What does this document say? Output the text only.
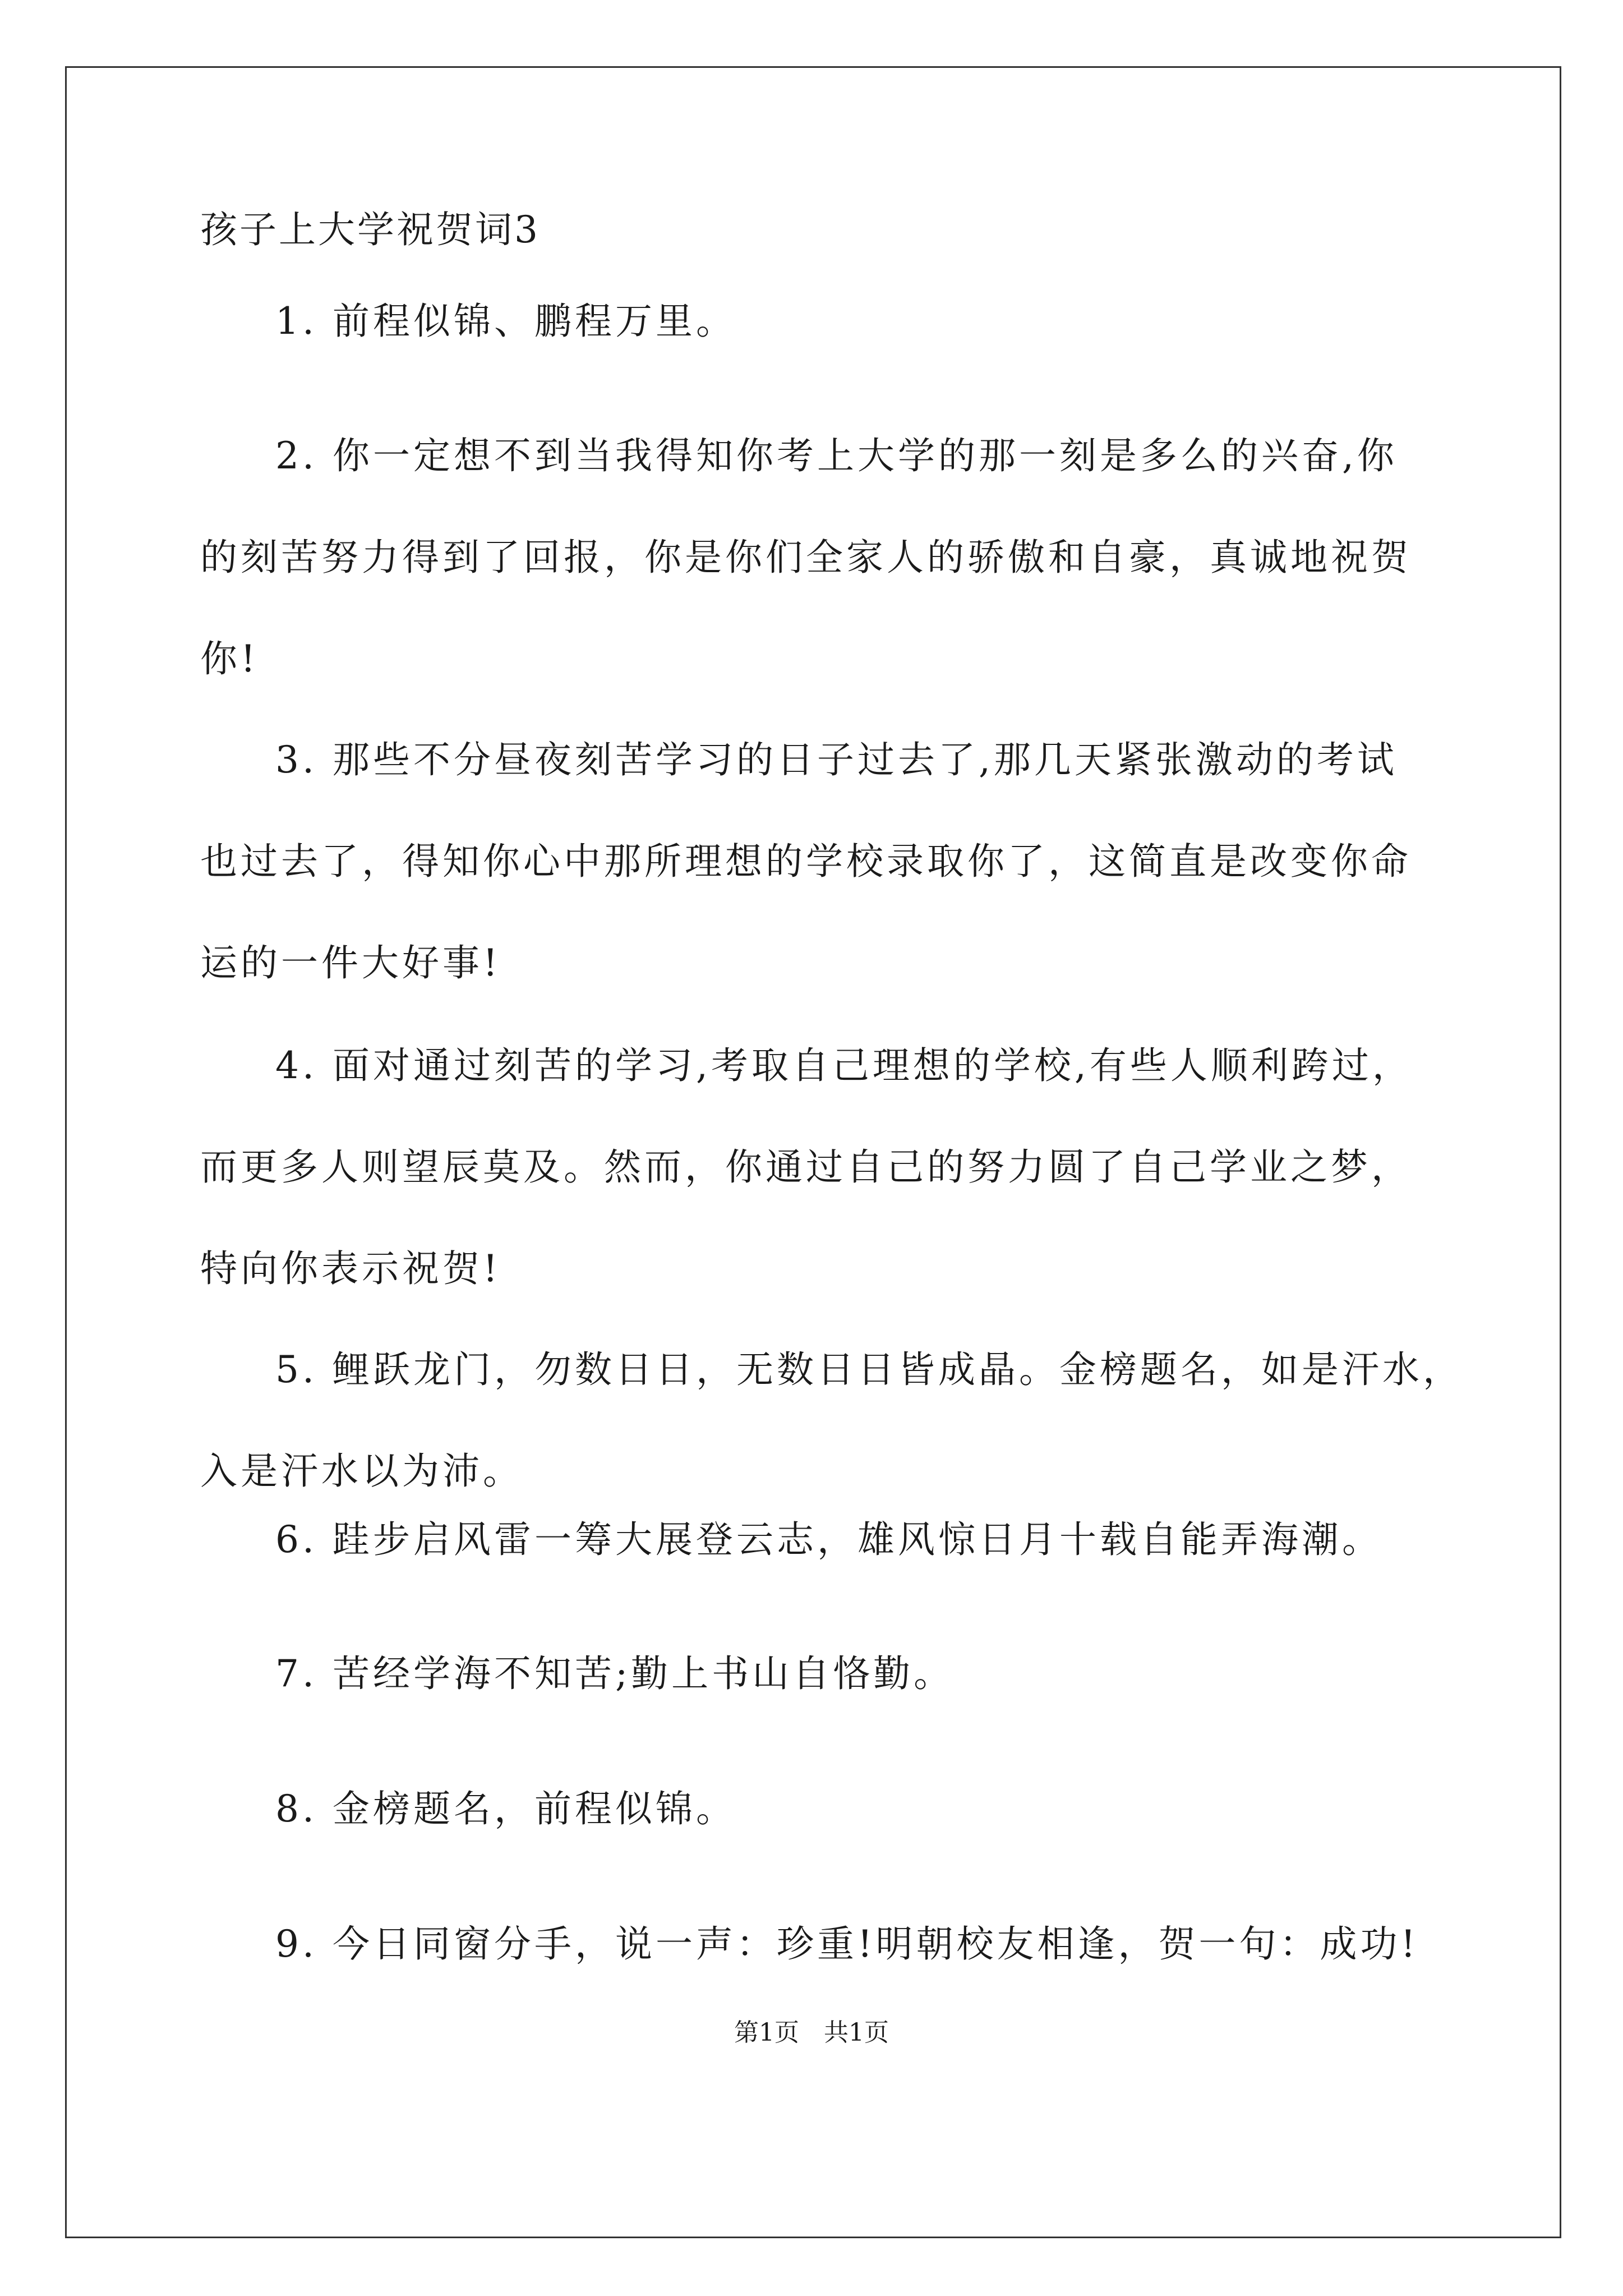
孩子上大学祝贺词3
1. 前程似锦、鹏程万里。
2. 你一定想不到当我得知你考上大学的那一刻是多么的兴奋,你
的刻苦努力得到了回报，你是你们全家人的骄傲和自豪，真诚地祝贺
你!
3. 那些不分昼夜刻苦学习的日子过去了,那几天紧张激动的考试
也过去了，得知你心中那所理想的学校录取你了，这简直是改变你命
运的一件大好事!
4. 面对通过刻苦的学习,考取自己理想的学校,有些人顺利跨过，
而更多人则望辰莫及。然而，你通过自己的努力圆了自己学业之梦，
特向你表示祝贺!
5. 鲤跃龙门，勿数日日，无数日日皆成晶。金榜题名，如是汗水，
入是汗水以为沛。
6. 跬步启风雷一筹大展登云志，雄风惊日月十载自能弄海潮。
7. 苦经学海不知苦;勤上书山自恪勤。
8. 金榜题名，前程似锦。
9. 今日同窗分手，说一声：珍重!明朝校友相逢，贺一句：成功!
第1页　共1页
